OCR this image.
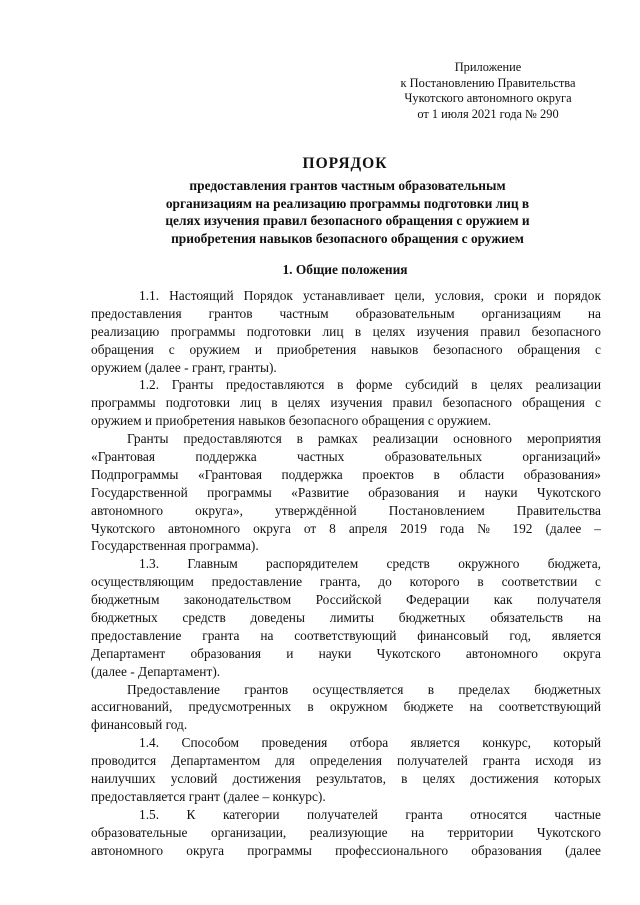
Приложение
к Постановлению Правительства
Чукотского автономного округа
от 1 июля 2021 года № 290
ПОРЯДОК
предоставления грантов частным образовательным
организациям на реализацию программы подготовки лиц в
целях изучения правил безопасного обращения с оружием и
приобретения навыков безопасного обращения с оружием
1. Общие положения
1.1. Настоящий Порядок устанавливает цели, условия, сроки и порядок
предоставления грантов частным образовательным организациям на
реализацию программы подготовки лиц в целях изучения правил безопасного
обращения с оружием и приобретения навыков безопасного обращения с
оружием (далее - грант, гранты).
1.2. Гранты предоставляются в форме субсидий в целях реализации
программы подготовки лиц в целях изучения правил безопасного обращения с
оружием и приобретения навыков безопасного обращения с оружием.
Гранты предоставляются в рамках реализации основного мероприятия
«Грантовая поддержка частных образовательных организаций»
Подпрограммы «Грантовая поддержка проектов в области образования»
Государственной программы «Развитие образования и науки Чукотского
автономного округа», утверждённой Постановлением Правительства
Чукотского автономного округа от 8 апреля 2019 года № 192 (далее –
Государственная программа).
1.3. Главным распорядителем средств окружного бюджета,
осуществляющим предоставление гранта, до которого в соответствии с
бюджетным законодательством Российской Федерации как получателя
бюджетных средств доведены лимиты бюджетных обязательств на
предоставление гранта на соответствующий финансовый год, является
Департамент образования и науки Чукотского автономного округа
(далее - Департамент).
Предоставление грантов осуществляется в пределах бюджетных
ассигнований, предусмотренных в окружном бюджете на соответствующий
финансовый год.
1.4. Способом проведения отбора является конкурс, который
проводится Департаментом для определения получателей гранта исходя из
наилучших условий достижения результатов, в целях достижения которых
предоставляется грант (далее – конкурс).
1.5. К категории получателей гранта относятся частные
образовательные организации, реализующие на территории Чукотского
автономного округа программы профессионального образования (далее
